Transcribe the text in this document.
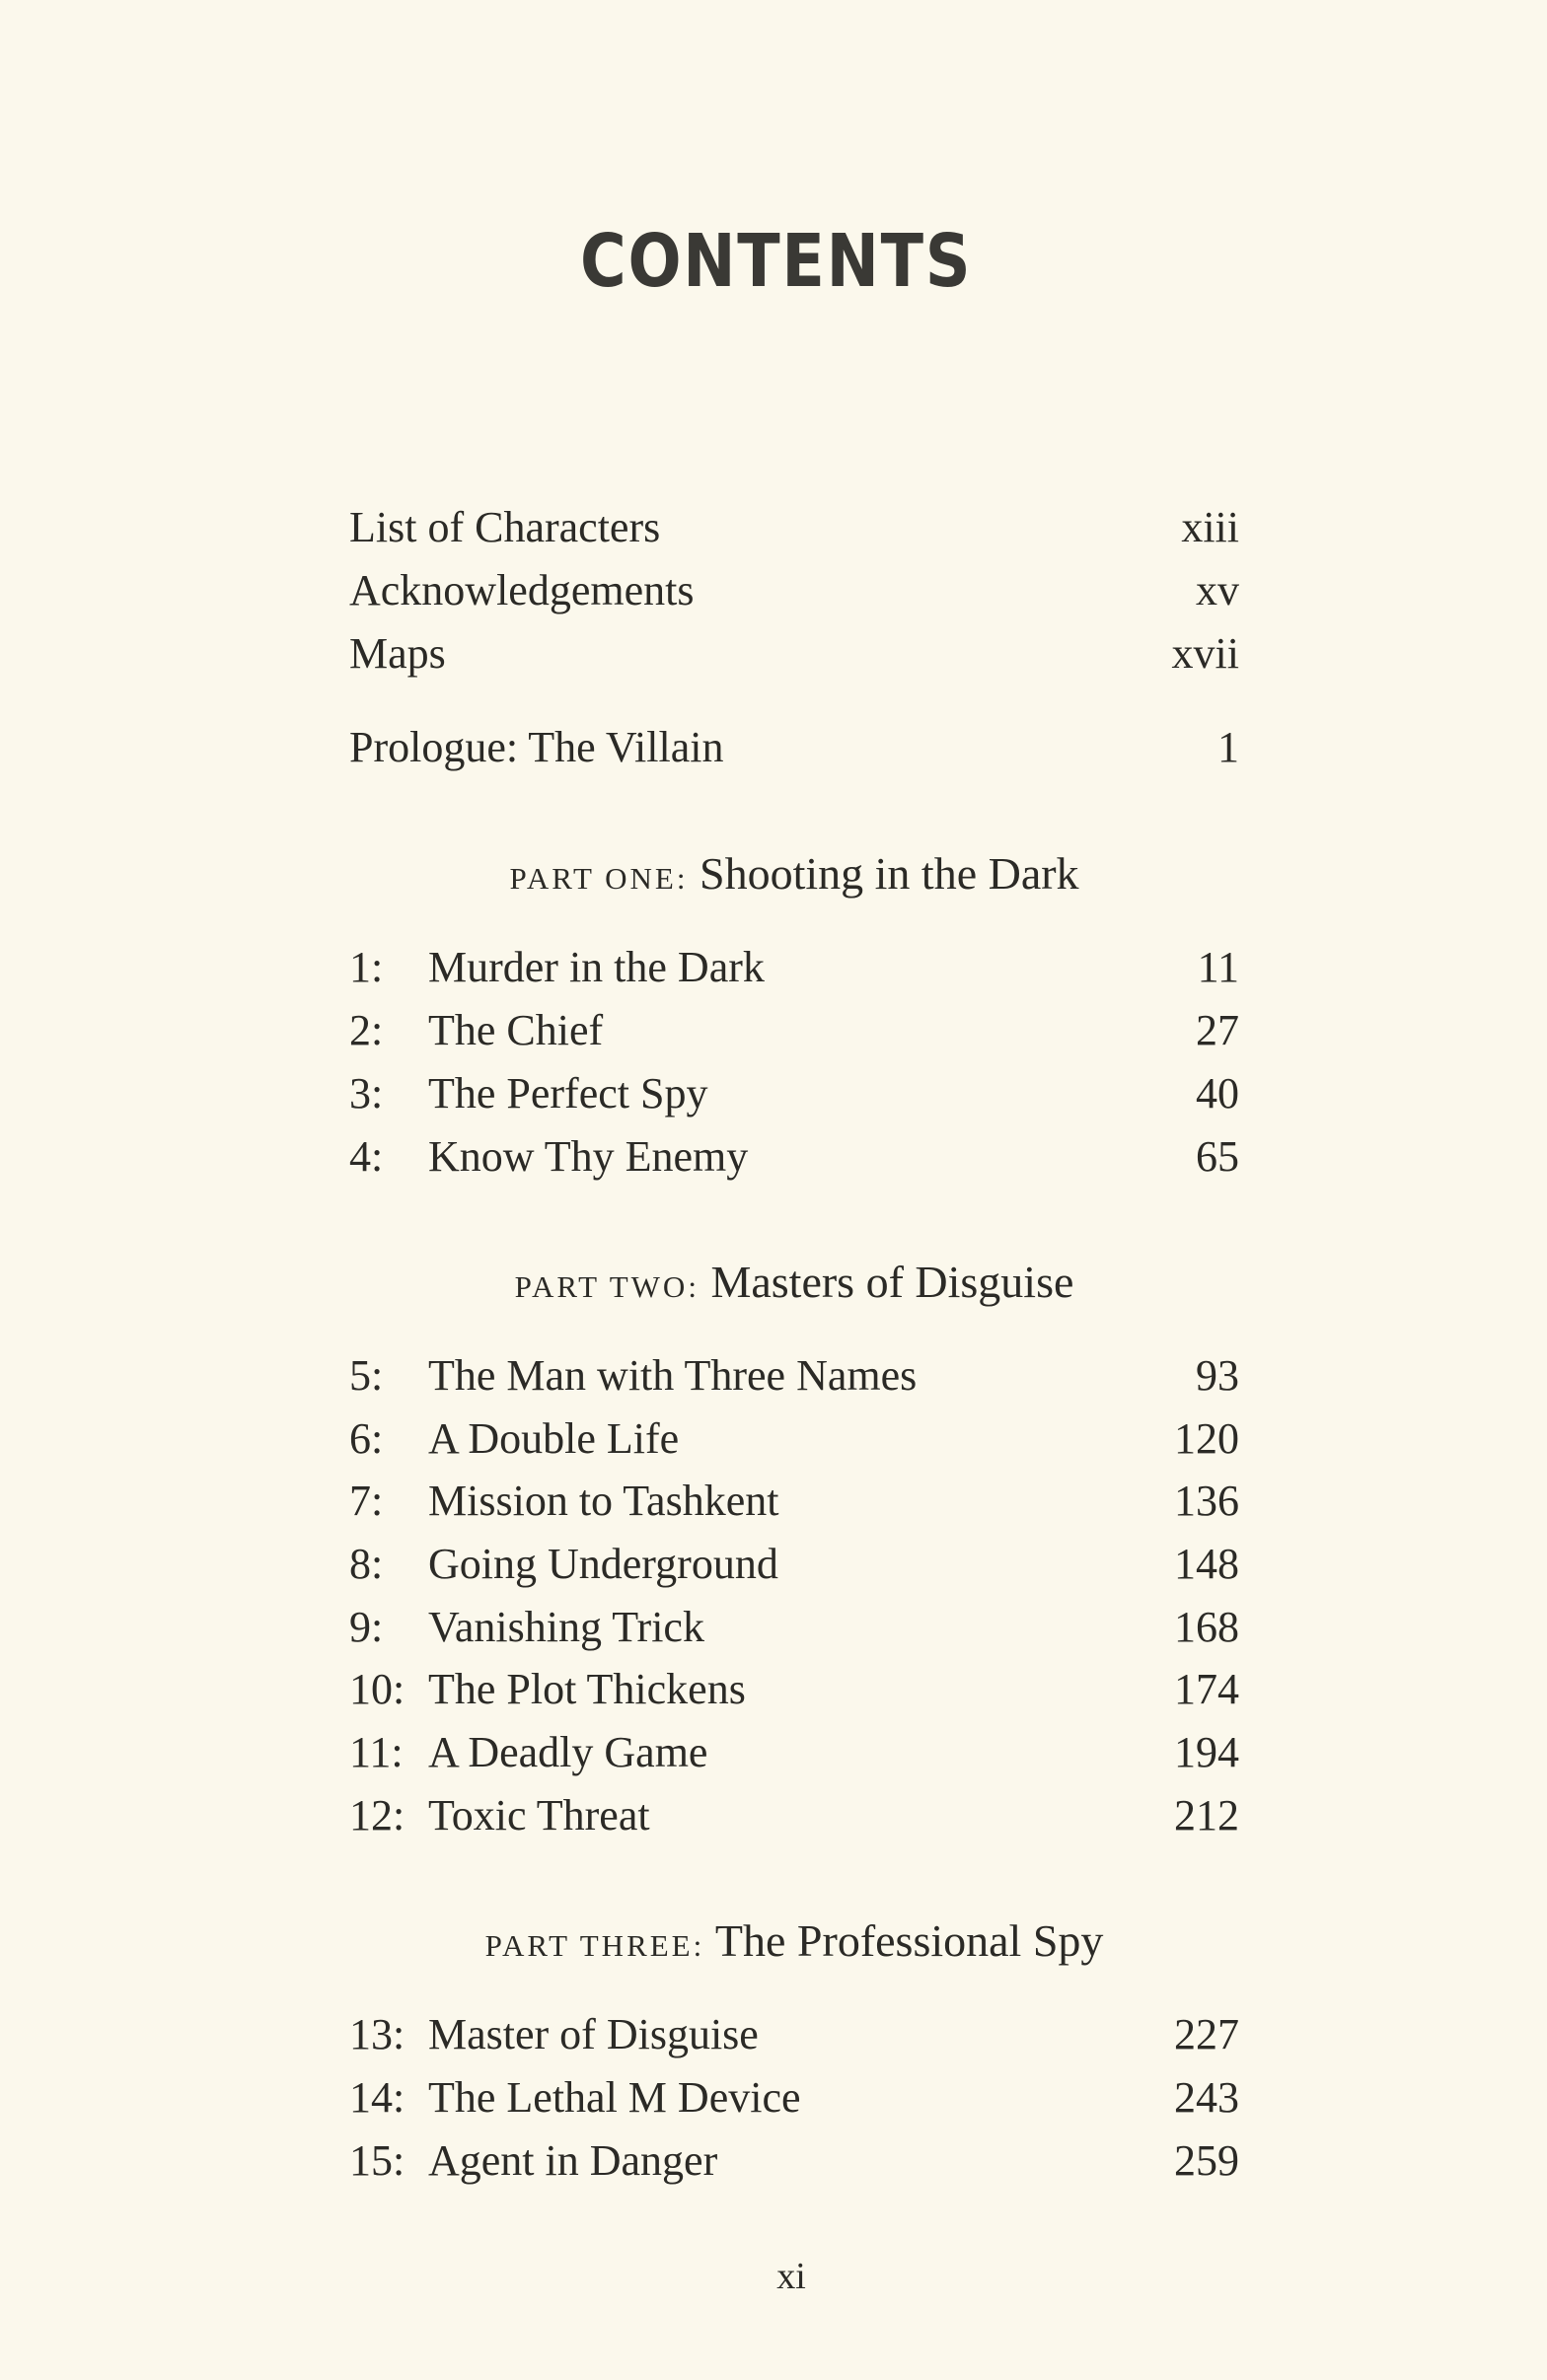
CONTENTS
List of Characters	xiii
Acknowledgements	xv
Maps	xvii
Prologue: The Villain	1
PART ONE: Shooting in the Dark
1: Murder in the Dark	11
2: The Chief	27
3: The Perfect Spy	40
4: Know Thy Enemy	65
PART TWO: Masters of Disguise
5: The Man with Three Names	93
6: A Double Life	120
7: Mission to Tashkent	136
8: Going Underground	148
9: Vanishing Trick	168
10: The Plot Thickens	174
11: A Deadly Game	194
12: Toxic Threat	212
PART THREE: The Professional Spy
13: Master of Disguise	227
14: The Lethal M Device	243
15: Agent in Danger	259
xi
